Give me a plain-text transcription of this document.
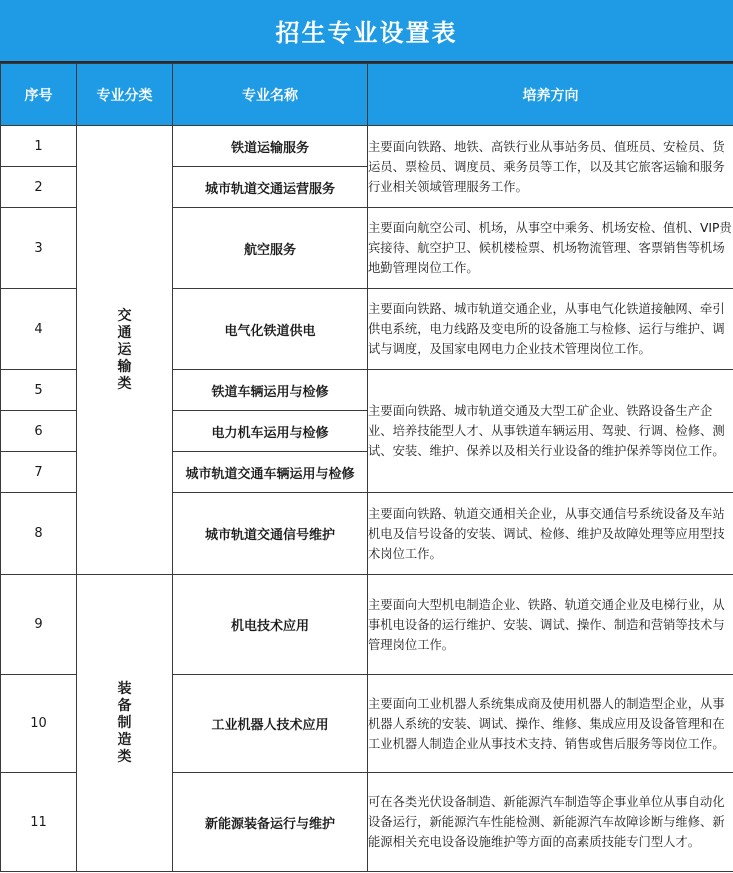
招生专业设置表
序号	专业分类	专业名称	培养方向
1	交通运输类	铁道运输服务	主要面向铁路、地铁、高铁行业从事站务员、值班员、安检员、货运员、票检员、调度员、乘务员等工作，以及其它旅客运输和服务行业相关领域管理服务工作。
2		城市轨道交通运营服务	
3		航空服务	主要面向航空公司、机场，从事空中乘务、机场安检、值机、VIP贵宾接待、航空护卫、候机楼检票、机场物流管理、客票销售等机场地勤管理岗位工作。
4		电气化铁道供电	主要面向铁路、城市轨道交通企业，从事电气化铁道接触网、牵引供电系统，电力线路及变电所的设备施工与检修、运行与维护、调试与调度，及国家电网电力企业技术管理岗位工作。
5		铁道车辆运用与检修	主要面向铁路、城市轨道交通及大型工矿企业、铁路设备生产企业、培养技能型人才、从事铁道车辆运用、驾驶、行调、检修、测试、安装、维护、保养以及相关行业设备的维护保养等岗位工作。
6		电力机车运用与检修	
7		城市轨道交通车辆运用与检修	
8		城市轨道交通信号维护	主要面向铁路、轨道交通相关企业，从事交通信号系统设备及车站机电及信号设备的安装、调试、检修、维护及故障处理等应用型技术岗位工作。
9	装备制造类	机电技术应用	主要面向大型机电制造企业、铁路、轨道交通企业及电梯行业，从事机电设备的运行维护、安装、调试、操作、制造和营销等技术与管理岗位工作。
10		工业机器人技术应用	主要面向工业机器人系统集成商及使用机器人的制造型企业，从事机器人系统的安装、调试、操作、维修、集成应用及设备管理和在工业机器人制造企业从事技术支持、销售或售后服务等岗位工作。
11		新能源装备运行与维护	可在各类光伏设备制造、新能源汽车制造等企事业单位从事自动化设备运行，新能源汽车性能检测、新能源汽车故障诊断与维修、新能源相关充电设备设施维护等方面的高素质技能专门型人才。
